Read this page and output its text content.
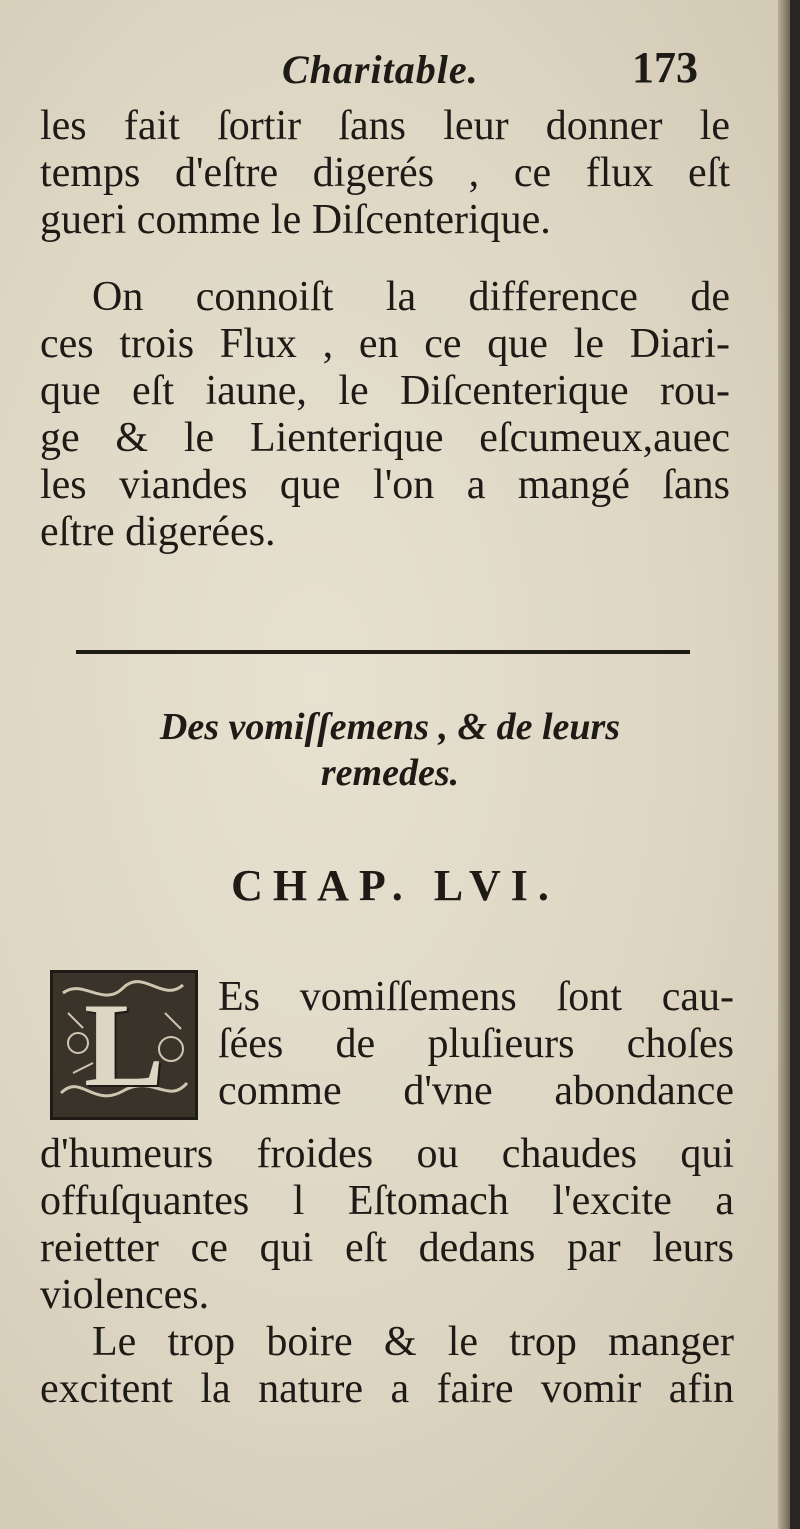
Charitable.	173
les fait ſortir ſans leur donner le
temps d'eſtre digerés , ce flux eſt
gueri comme le Diſcenterique.
On connoiſt la difference de
ces trois Flux , en ce que le Diari-
que eſt iaune, le Diſcenterique rou-
ge & le Lienterique eſcumeux,auec
les viandes que l'on a mangé ſans
eſtre digerées.
Des vomiſſemens , & de leurs
remedes.
CHAP. LVI.
L Es vomiſſemens ſont cau-
ſées de pluſieurs choſes
comme d'vne abondance
d'humeurs froides ou chaudes qui
offuſquantes l Eſtomach l'excite a
reietter ce qui eſt dedans par leurs
violences.
Le trop boire & le trop manger
excitent la nature a faire vomir afin
